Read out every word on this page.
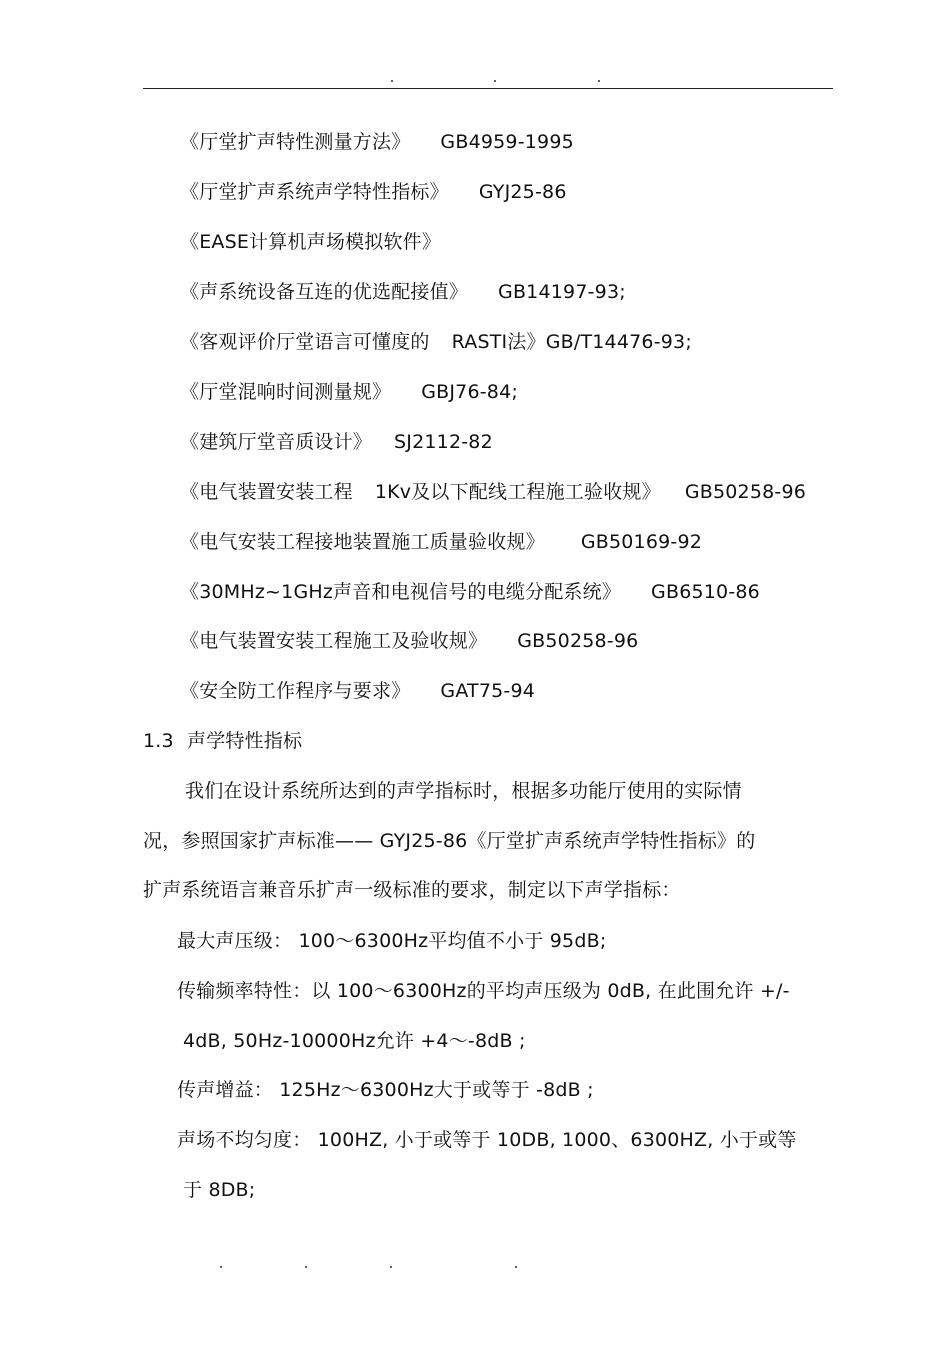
《厅堂扩声特性测量方法》 GB4959-1995
《厅堂扩声系统声学特性指标》 GYJ25-86
《EASE计算机声场模拟软件》
《声系统设备互连的优选配接值》 GB14197-93;
《客观评价厅堂语言可懂度的 RASTI法》GB/T14476-93;
《厅堂混响时间测量规》 GBJ76-84;
《建筑厅堂音质设计》 SJ2112-82
《电气装置安装工程 1Kv及以下配线工程施工验收规》 GB50258-96
《电气安装工程接地装置施工质量验收规》 GB50169-92
《30MHz~1GHz声音和电视信号的电缆分配系统》 GB6510-86
《电气装置安装工程施工及验收规》 GB50258-96
《安全防工作程序与要求》 GAT75-94
1.3 声学特性指标
我们在设计系统所达到的声学指标时，根据多功能厅使用的实际情
况，参照国家扩声标准—— GYJ25-86《厅堂扩声系统声学特性指标》的
扩声系统语言兼音乐扩声一级标准的要求，制定以下声学指标：
最大声压级： 100～6300Hz平均值不小于 95dB;
传输频率特性：以 100～6300Hz的平均声压级为 0dB, 在此围允许 +/-
4dB, 50Hz-10000Hz允许 +4～-8dB ;
传声增益： 125Hz～6300Hz大于或等于 -8dB ;
声场不均匀度： 100HZ, 小于或等于 10DB, 1000、6300HZ, 小于或等
于 8DB;
